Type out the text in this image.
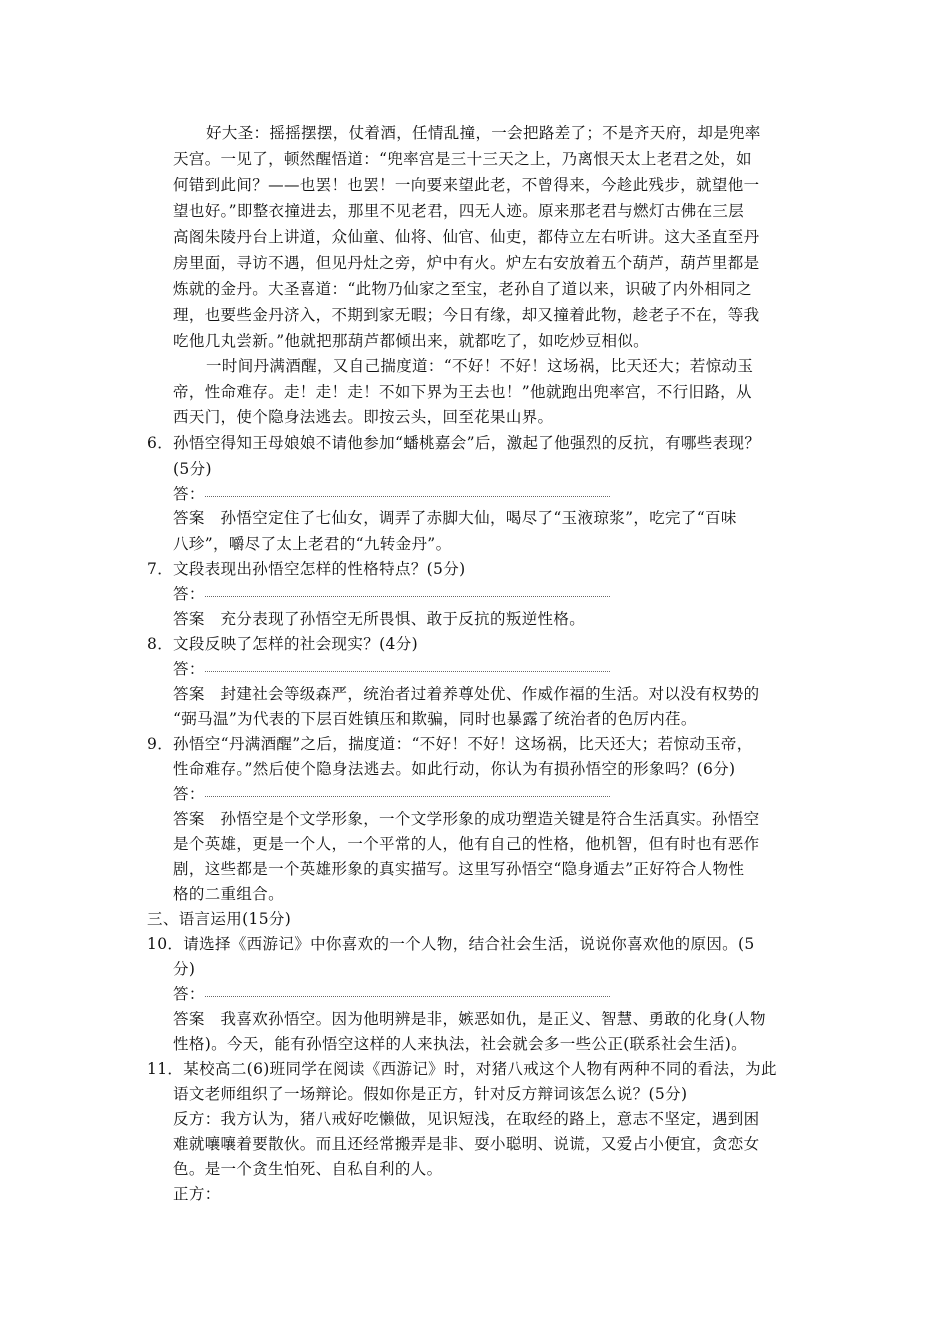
好大圣：摇摇摆摆，仗着酒，任情乱撞，一会把路差了；不是齐天府，却是兜率
天宫。一见了，顿然醒悟道：“兜率宫是三十三天之上，乃离恨天太上老君之处，如
何错到此间？——也罢！也罢！一向要来望此老，不曾得来，今趁此残步，就望他一
望也好。”即整衣撞进去，那里不见老君，四无人迹。原来那老君与燃灯古佛在三层
高阁朱陵丹台上讲道，众仙童、仙将、仙官、仙吏，都侍立左右听讲。这大圣直至丹
房里面，寻访不遇，但见丹灶之旁，炉中有火。炉左右安放着五个葫芦，葫芦里都是
炼就的金丹。大圣喜道：“此物乃仙家之至宝，老孙自了道以来，识破了内外相同之
理，也要些金丹济入，不期到家无暇；今日有缘，却又撞着此物，趁老子不在，等我
吃他几丸尝新。”他就把那葫芦都倾出来，就都吃了，如吃炒豆相似。
一时间丹满酒醒，又自己揣度道：“不好！不好！这场祸，比天还大；若惊动玉
帝，性命难存。走！走！走！不如下界为王去也！”他就跑出兜率宫，不行旧路，从
西天门，使个隐身法逃去。即按云头，回至花果山界。
6．孙悟空得知王母娘娘不请他参加“蟠桃嘉会”后，激起了他强烈的反抗，有哪些表现？
(5分)
答：
答案　孙悟空定住了七仙女，调弄了赤脚大仙，喝尽了“玉液琼浆”，吃完了“百味
八珍”，嚼尽了太上老君的“九转金丹”。
7．文段表现出孙悟空怎样的性格特点？(5分)
答：
答案　充分表现了孙悟空无所畏惧、敢于反抗的叛逆性格。
8．文段反映了怎样的社会现实？(4分)
答：
答案　封建社会等级森严，统治者过着养尊处优、作威作福的生活。对以没有权势的
“弼马温”为代表的下层百姓镇压和欺骗，同时也暴露了统治者的色厉内荏。
9．孙悟空“丹满酒醒”之后，揣度道：“不好！不好！这场祸，比天还大；若惊动玉帝，
性命难存。”然后使个隐身法逃去。如此行动，你认为有损孙悟空的形象吗？(6分)
答：
答案　孙悟空是个文学形象，一个文学形象的成功塑造关键是符合生活真实。孙悟空
是个英雄，更是一个人，一个平常的人，他有自己的性格，他机智，但有时也有恶作
剧，这些都是一个英雄形象的真实描写。这里写孙悟空“隐身遁去”正好符合人物性
格的二重组合。
三、语言运用(15分)
10．请选择《西游记》中你喜欢的一个人物，结合社会生活，说说你喜欢他的原因。(5
分)
答：
答案　我喜欢孙悟空。因为他明辨是非，嫉恶如仇，是正义、智慧、勇敢的化身(人物
性格)。今天，能有孙悟空这样的人来执法，社会就会多一些公正(联系社会生活)。
11．某校高二(6)班同学在阅读《西游记》时，对猪八戒这个人物有两种不同的看法，为此
语文老师组织了一场辩论。假如你是正方，针对反方辩词该怎么说？(5分)
反方：我方认为，猪八戒好吃懒做，见识短浅，在取经的路上，意志不坚定，遇到困
难就嚷嚷着要散伙。而且还经常搬弄是非、耍小聪明、说谎，又爱占小便宜，贪恋女
色。是一个贪生怕死、自私自利的人。
正方：
